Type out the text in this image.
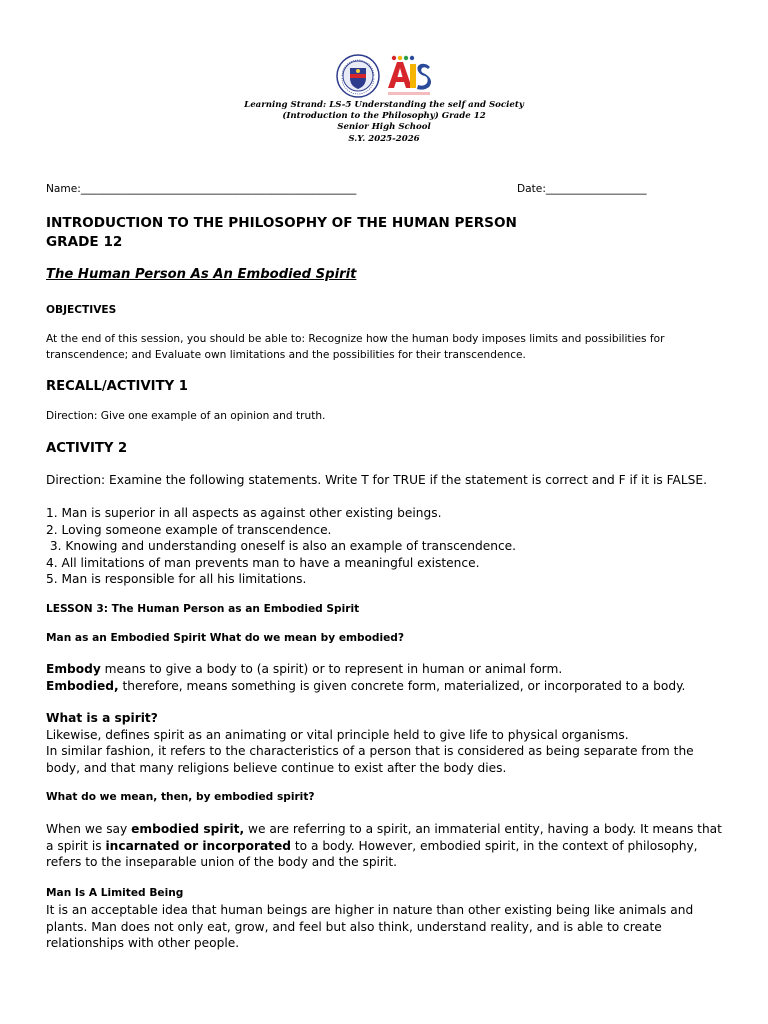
Learning Strand: LS-5 Understanding the self and Society
(Introduction to the Philosophy) Grade 12
Senior High School
S.Y. 2025-2026
Name:____________________________________________________	Date:___________________
INTRODUCTION TO THE PHILOSOPHY OF THE HUMAN PERSON
GRADE 12
The Human Person As An Embodied Spirit
OBJECTIVES
At the end of this session, you should be able to: Recognize how the human body imposes limits and possibilities for transcendence; and Evaluate own limitations and the possibilities for their transcendence.
RECALL/ACTIVITY 1
Direction: Give one example of an opinion and truth.
ACTIVITY 2
Direction: Examine the following statements. Write T for TRUE if the statement is correct and F if it is FALSE.
1. Man is superior in all aspects as against other existing beings.
2. Loving someone example of transcendence.
3. Knowing and understanding oneself is also an example of transcendence.
4. All limitations of man prevents man to have a meaningful existence.
5. Man is responsible for all his limitations.
LESSON 3: The Human Person as an Embodied Spirit
Man as an Embodied Spirit What do we mean by embodied?
Embody means to give a body to (a spirit) or to represent in human or animal form.
Embodied, therefore, means something is given concrete form, materialized, or incorporated to a body.
What is a spirit?
Likewise, defines spirit as an animating or vital principle held to give life to physical organisms.
In similar fashion, it refers to the characteristics of a person that is considered as being separate from the body, and that many religions believe continue to exist after the body dies.
What do we mean, then, by embodied spirit?
When we say embodied spirit, we are referring to a spirit, an immaterial entity, having a body. It means that a spirit is incarnated or incorporated to a body. However, embodied spirit, in the context of philosophy, refers to the inseparable union of the body and the spirit.
Man Is A Limited Being
It is an acceptable idea that human beings are higher in nature than other existing being like animals and plants. Man does not only eat, grow, and feel but also think, understand reality, and is able to create relationships with other people.
